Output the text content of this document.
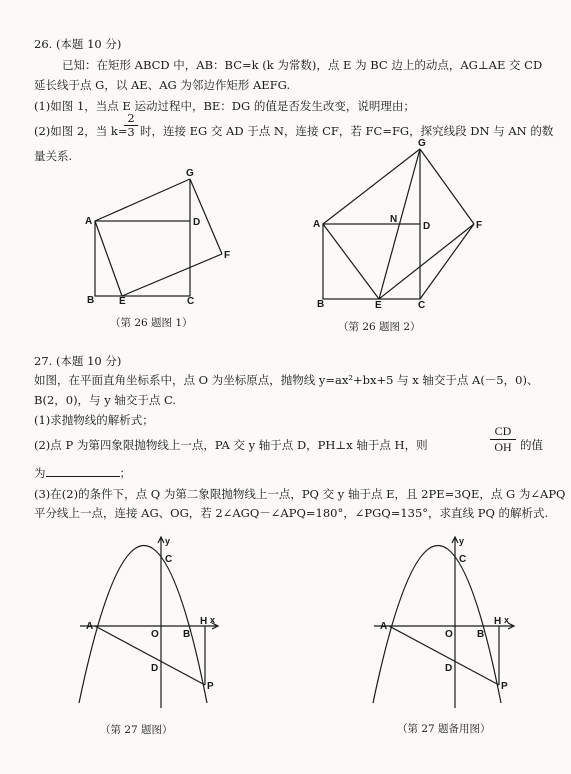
26. (本题 10 分)
已知：在矩形 ABCD 中，AB：BC=k (k 为常数)，点 E 为 BC 边上的动点，AG⊥AE 交 CD
延长线于点 G，以 AE、AG 为邻边作矩形 AEFG.
(1)如图 1，当点 E 运动过程中，BE：DG 的值是否发生改变，说明理由；
(2)如图 2，当 k=
$\frac{2}{3}$ 时，连接 EG 交 AD 于点 N，连接 CF，若 FC=FG，探究线段 DN 与 AN 的数
量关系.
A
G
D
F
B E	C
（第 26 题图 1）
G
A	N
D	F
B	E	C
（第 26 题图 2）
27. (本题 10 分)
如图，在平面直角坐标系中，点 O 为坐标原点，抛物线 y=ax²+bx+5 与 x 轴交于点 A(－5，0)、
B(2，0)，与 y 轴交于点 C.
(1)求抛物线的解析式；
(2)点 P 为第四象限抛物线上一点，PA 交 y 轴于点 D，PH⊥x 轴于点 H，则	$\frac{CD}{OH}$ 的值
为	；
(3)在(2)的条件下，点 Q 为第二象限抛物线上一点，PQ 交 y 轴于点 E，且 2PE=3QE，点 G 为∠APQ
平分线上一点，连接 AG、OG，若 2∠AGQ－∠APQ=180°，∠PGQ=135°，求直线 PQ 的解析式.
y
C
A
O B
H x
D
P
（第 27 题图）
y
C
A
O B
H x
D
P
（第 27 题备用图）
